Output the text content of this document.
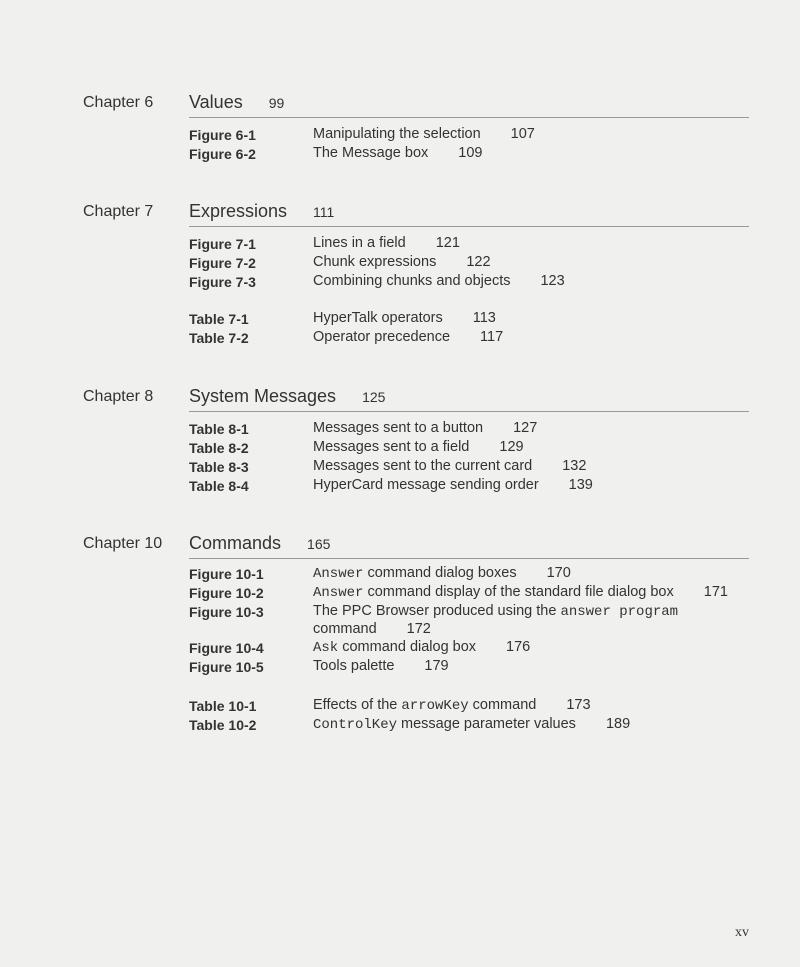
Chapter 6 Values 99
Figure 6-1	Manipulating the selection 107
Figure 6-2	The Message box 109
Chapter 7 Expressions 111
Figure 7-1	Lines in a field 121
Figure 7-2	Chunk expressions 122
Figure 7-3	Combining chunks and objects 123
Table 7-1	HyperTalk operators 113
Table 7-2	Operator precedence 117
Chapter 8 System Messages 125
Table 8-1	Messages sent to a button 127
Table 8-2	Messages sent to a field 129
Table 8-3	Messages sent to the current card 132
Table 8-4	HyperCard message sending order 139
Chapter 10 Commands 165
Figure 10-1	Answer command dialog boxes 170
Figure 10-2	Answer command display of the standard file dialog box 171
Figure 10-3	The PPC Browser produced using the answer program command 172
Figure 10-4	Ask command dialog box 176
Figure 10-5	Tools palette 179
Table 10-1	Effects of the arrowKey command 173
Table 10-2	ControlKey message parameter values 189
xv
